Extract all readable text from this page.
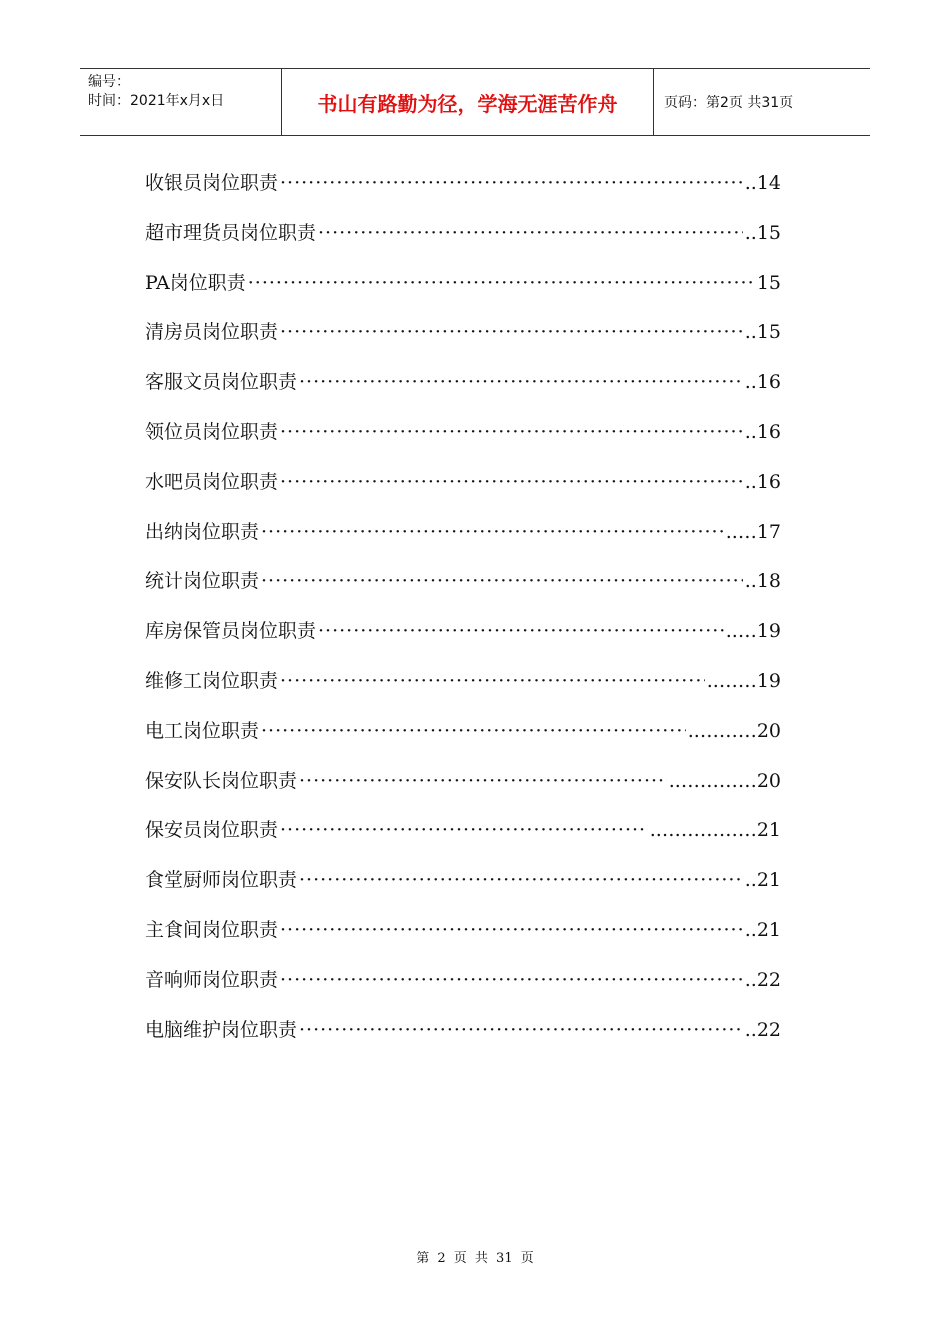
编号：
时间：2021年x月x日	书山有路勤为径，学海无涯苦作舟	页码：第2页 共31页
收银员岗位职责 ·····	..14
超市理货员岗位职责 ·····	..15
PA岗位职责 ·····	15
清房员岗位职责 ·····	..15
客服文员岗位职责 ·····	..16
领位员岗位职责 ·····	..16
水吧员岗位职责 ·····	..16
出纳岗位职责 ·····	..…17
统计岗位职责 ·····	..18
库房保管员岗位职责 ·····	..…19
维修工岗位职责 ·····	..……19
电工岗位职责 ·····	..………20
保安队长岗位职责 ·····	..…………20
保安员岗位职责 ·····	..……………21
食堂厨师岗位职责 ·····	..21
主食间岗位职责 ·····	..21
音响师岗位职责 ·····	..22
电脑维护岗位职责 ·····	..22
第 2 页 共 31 页
